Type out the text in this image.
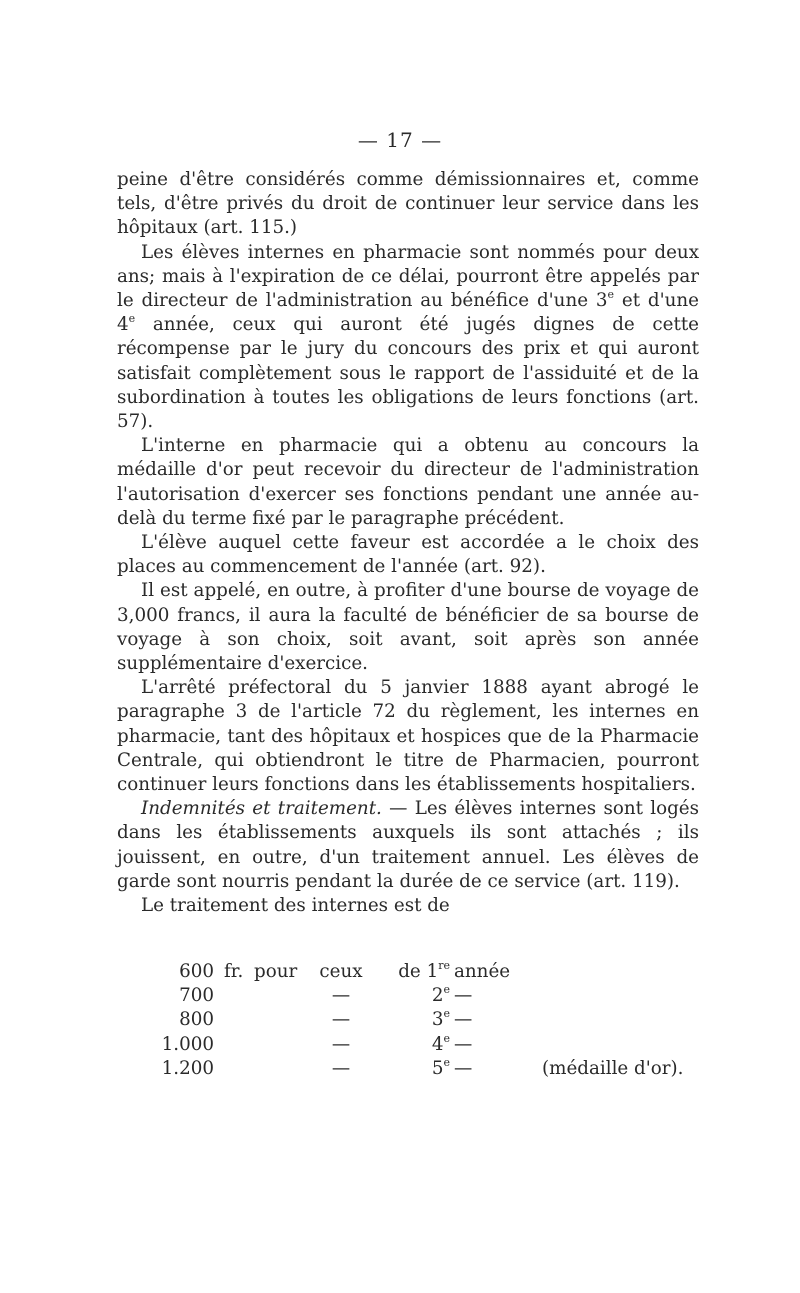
— 17 —

peine d'être considérés comme démissionnaires et, comme tels, d'être privés du droit de continuer leur service dans les hôpitaux (art. 115.)

Les élèves internes en pharmacie sont nommés pour deux ans; mais à l'expiration de ce délai, pourront être appelés par le directeur de l'administration au bénéfice d'une 3e et d'une 4e année, ceux qui auront été jugés dignes de cette récompense par le jury du concours des prix et qui auront satisfait complètement sous le rapport de l'assiduité et de la subordination à toutes les obligations de leurs fonctions (art. 57).

L'interne en pharmacie qui a obtenu au concours la médaille d'or peut recevoir du directeur de l'administration l'autorisation d'exercer ses fonctions pendant une année au-delà du terme fixé par le paragraphe précédent.

L'élève auquel cette faveur est accordée a le choix des places au commencement de l'année (art. 92).

Il est appelé, en outre, à profiter d'une bourse de voyage de 3,000 francs, il aura la faculté de bénéficier de sa bourse de voyage à son choix, soit avant, soit après son année supplémentaire d'exercice.

L'arrêté préfectoral du 5 janvier 1888 ayant abrogé le paragraphe 3 de l'article 72 du règlement, les internes en pharmacie, tant des hôpitaux et hospices que de la Pharmacie Centrale, qui obtiendront le titre de Pharmacien, pourront continuer leurs fonctions dans les établissements hospitaliers.

Indemnités et traitement. — Les élèves internes sont logés dans les établissements auxquels ils sont attachés ; ils jouissent, en outre, d'un traitement annuel. Les élèves de garde sont nourris pendant la durée de ce service (art. 119).

Le traitement des internes est de

600	fr.	pour	ceux	de 1re	année	
700			—	2e	—	
800			—	3e	—	
1.000			—	4e	—	
1.200			—	5e	—	(médaille d'or).
